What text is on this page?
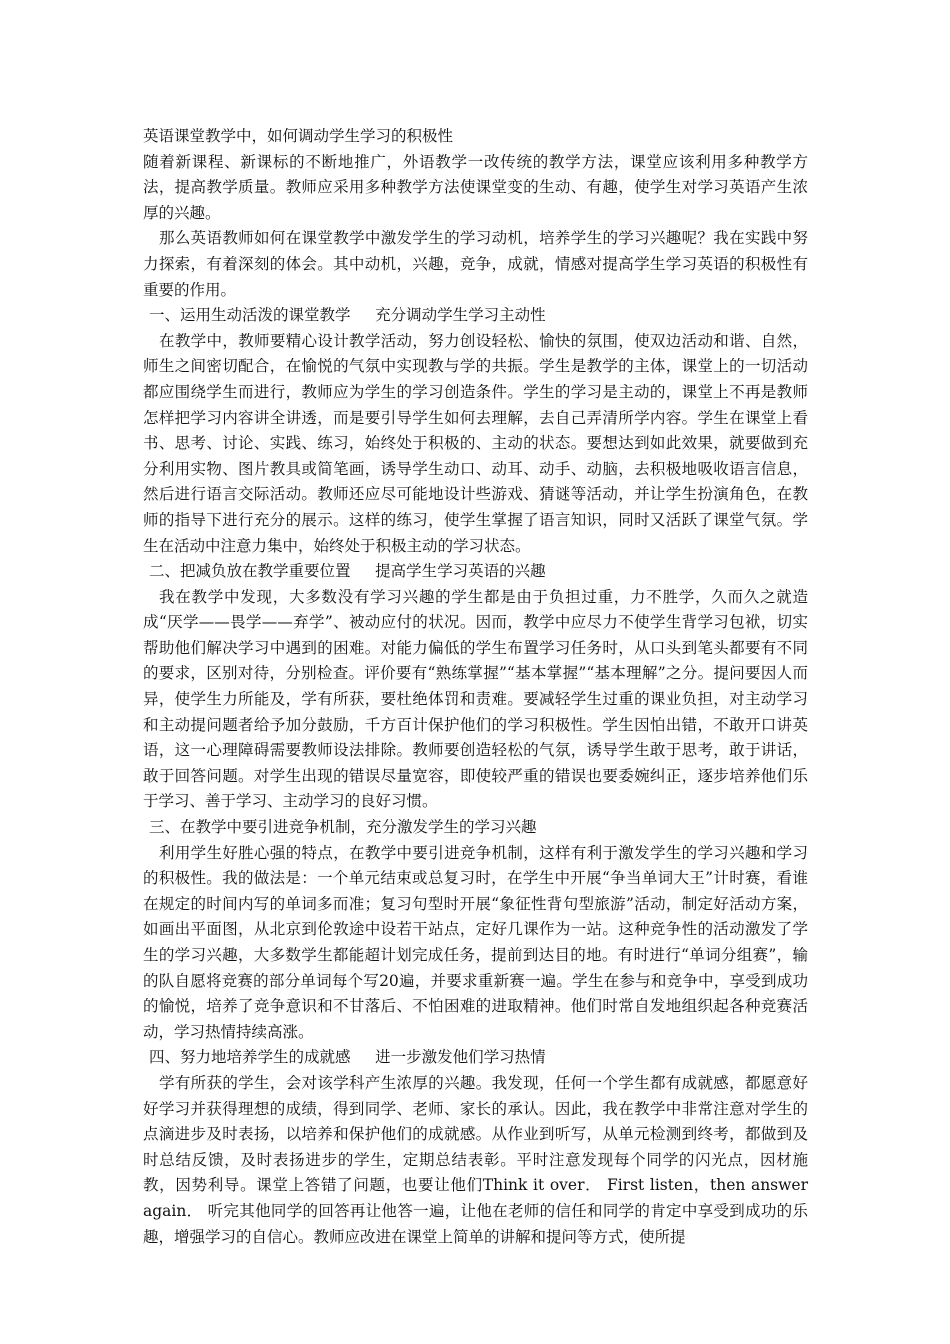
英语课堂教学中，如何调动学生学习的积极性

随着新课程、新课标的不断地推广，外语教学一改传统的教学方法，课堂应该利用多种教学方法，提高教学质量。教师应采用多种教学方法使课堂变的生动、有趣，使学生对学习英语产生浓厚的兴趣。

那么英语教师如何在课堂教学中激发学生的学习动机，培养学生的学习兴趣呢？我在实践中努力探索，有着深刻的体会。其中动机，兴趣，竞争，成就，情感对提高学生学习英语的积极性有重要的作用。

一、运用生动活泼的课堂教学     充分调动学生学习主动性

在教学中，教师要精心设计教学活动，努力创设轻松、愉快的氛围，使双边活动和谐、自然，师生之间密切配合，在愉悦的气氛中实现教与学的共振。学生是教学的主体，课堂上的一切活动都应围绕学生而进行，教师应为学生的学习创造条件。学生的学习是主动的，课堂上不再是教师怎样把学习内容讲全讲透，而是要引导学生如何去理解，去自己弄清所学内容。学生在课堂上看书、思考、讨论、实践、练习，始终处于积极的、主动的状态。要想达到如此效果，就要做到充分利用实物、图片教具或简笔画，诱导学生动口、动耳、动手、动脑，去积极地吸收语言信息，然后进行语言交际活动。教师还应尽可能地设计些游戏、猜谜等活动，并让学生扮演角色，在教师的指导下进行充分的展示。这样的练习，使学生掌握了语言知识，同时又活跃了课堂气氛。学生在活动中注意力集中，始终处于积极主动的学习状态。

二、把减负放在教学重要位置     提高学生学习英语的兴趣

我在教学中发现，大多数没有学习兴趣的学生都是由于负担过重，力不胜学，久而久之就造成“厌学——畏学——弃学”、被动应付的状况。因而，教学中应尽力不使学生背学习包袱，切实帮助他们解决学习中遇到的困难。对能力偏低的学生布置学习任务时，从口头到笔头都要有不同的要求，区别对待，分别检查。评价要有“熟练掌握”“基本掌握”“基本理解”之分。提问要因人而异，使学生力所能及，学有所获，要杜绝体罚和责难。要减轻学生过重的课业负担，对主动学习和主动提问题者给予加分鼓励，千方百计保护他们的学习积极性。学生因怕出错，不敢开口讲英语，这一心理障碍需要教师设法排除。教师要创造轻松的气氛，诱导学生敢于思考，敢于讲话，敢于回答问题。对学生出现的错误尽量宽容，即使较严重的错误也要委婉纠正，逐步培养他们乐于学习、善于学习、主动学习的良好习惯。

三、在教学中要引进竞争机制，充分激发学生的学习兴趣

利用学生好胜心强的特点，在教学中要引进竞争机制，这样有利于激发学生的学习兴趣和学习的积极性。我的做法是：一个单元结束或总复习时，在学生中开展“争当单词大王”计时赛，看谁在规定的时间内写的单词多而准；复习句型时开展“象征性背句型旅游”活动，制定好活动方案，如画出平面图，从北京到伦敦途中设若干站点，定好几课作为一站。这种竞争性的活动激发了学生的学习兴趣，大多数学生都能超计划完成任务，提前到达目的地。有时进行“单词分组赛”，输的队自愿将竞赛的部分单词每个写20遍，并要求重新赛一遍。学生在参与和竞争中，享受到成功的愉悦，培养了竞争意识和不甘落后、不怕困难的进取精神。他们时常自发地组织起各种竞赛活动，学习热情持续高涨。

四、努力地培养学生的成就感     进一步激发他们学习热情

学有所获的学生，会对该学科产生浓厚的兴趣。我发现，任何一个学生都有成就感，都愿意好好学习并获得理想的成绩，得到同学、老师、家长的承认。因此，我在教学中非常注意对学生的点滴进步及时表扬，以培养和保护他们的成就感。从作业到听写，从单元检测到终考，都做到及时总结反馈，及时表扬进步的学生，定期总结表彰。平时注意发现每个同学的闪光点，因材施教，因势利导。课堂上答错了问题，也要让他们Think it over． First listen，then answer again． 听完其他同学的回答再让他答一遍，让他在老师的信任和同学的肯定中享受到成功的乐趣，增强学习的自信心。教师应改进在课堂上简单的讲解和提问等方式，使所提
